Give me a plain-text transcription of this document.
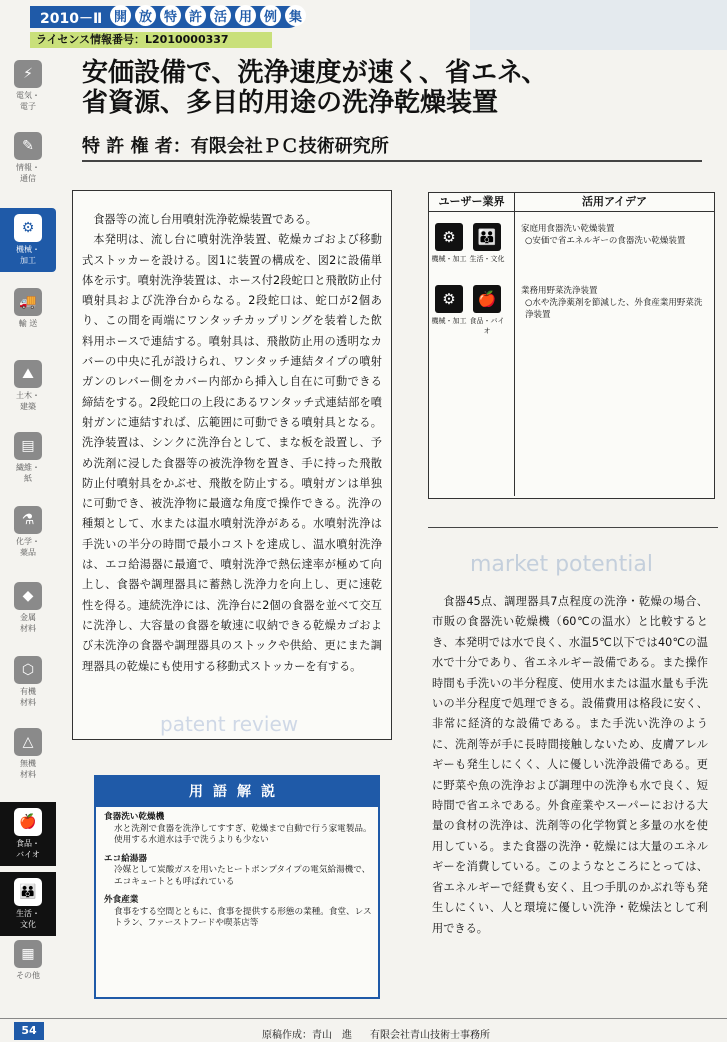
2010－Ⅱ 開 放 特 許 活 用 例 集
ライセンス情報番号：L2010000337
安価設備で、洗浄速度が速く、省エネ、
省資源、多目的用途の洗浄乾燥装置
特 許 権 者：有限会社ＰＣ技術研究所
⚡
電気・
電子
✎
情報・
通信
⚙
機械・
加工
🚚
輸 送
⛰
土木・
建築
▤
繊維・
紙
⚗
化学・
薬品
◆
金属
材料
⬡
有機
材料
△
無機
材料
🍎
食品・
バイオ
👪
生活・
文化
▦
その他

食器等の流し台用噴射洗浄乾燥装置である。

本発明は、流し台に噴射洗浄装置、乾燥カゴおよび移動式ストッカーを設ける。図1に装置の構成を、図2に設備単体を示す。噴射洗浄装置は、ホース付2段蛇口と飛散防止付噴射具および洗浄台からなる。2段蛇口は、蛇口が2個あり、この間を両端にワンタッチカップリングを装着した飲料用ホースで連結する。噴射具は、飛散防止用の透明なカバーの中央に孔が設けられ、ワンタッチ連結タイプの噴射ガンのレバー側をカバー内部から挿入し自在に可動できる締結をする。2段蛇口の上段にあるワンタッチ式連結部を噴射ガンに連結すれば、広範囲に可動できる噴射具となる。洗浄装置は、シンクに洗浄台として、まな板を設置し、予め洗剤に浸した食器等の被洗浄物を置き、手に持った飛散防止付噴射具をかぶせ、飛散を防止する。噴射ガンは単独に可動でき、被洗浄物に最適な角度で操作できる。洗浄の種類として、水または温水噴射洗浄がある。水噴射洗浄は手洗いの半分の時間で最小コストを達成し、温水噴射洗浄は、エコ給湯器に最適で、噴射洗浄で熱伝達率が極めて向上し、食器や調理器具に蓄熱し洗浄力を向上し、更に速乾性を得る。連続洗浄には、洗浄台に2個の食器を並べて交互に洗浄し、大容量の食器を敏速に収納できる乾燥カゴおよび未洗浄の食器や調理器具のストックや供給、更にまた調理器具の乾燥にも使用する移動式ストッカーを有する。

patent review
ユーザー業界	活用アイデア
⚙
機械・加工
👪
生活・文化
家庭用食器洗い乾燥装置
○安価で省エネルギーの食器洗い乾燥装置
⚙
機械・加工
🍎
食品・バイオ
業務用野菜洗浄装置
○水や洗浄薬剤を節減した、外食産業用野菜洗浄装置
market potential

食器45点、調理器具7点程度の洗浄・乾燥の場合、市販の食器洗い乾燥機（60℃の温水）と比較するとき、本発明では水で良く、水温5℃以下では40℃の温水で十分であり、省エネルギー設備である。また操作時間も手洗いの半分程度、使用水または温水量も手洗いの半分程度で処理できる。設備費用は格段に安く、非常に経済的な設備である。また手洗い洗浄のように、洗剤等が手に長時間接触しないため、皮膚アレルギーも発生しにくく、人に優しい洗浄設備である。更に野菜や魚の洗浄および調理中の洗浄も水で良く、短時間で省エネである。外食産業やスーパーにおける大量の食材の洗浄は、洗剤等の化学物質と多量の水を使用している。また食器の洗浄・乾燥には大量のエネルギーを消費している。このようなところにとっては、省エネルギーで経費も安く、且つ手肌のかぶれ等も発生しにくい、人と環境に優しい洗浄・乾燥法として利用できる。

用語解説
食器洗い乾燥機
水と洗剤で食器を洗浄してすすぎ、乾燥まで自動で行う家電製品。使用する水道水は手で洗うよりも少ない
エコ給湯器
冷媒として炭酸ガスを用いたヒートポンプタイプの電気給湯機で、エコキュートとも呼ばれている
外食産業
食事をする空間とともに、食事を提供する形態の業種。食堂、レストラン、ファーストフードや喫茶店等
54	原稿作成：青山　進 有限会社青山技術士事務所
